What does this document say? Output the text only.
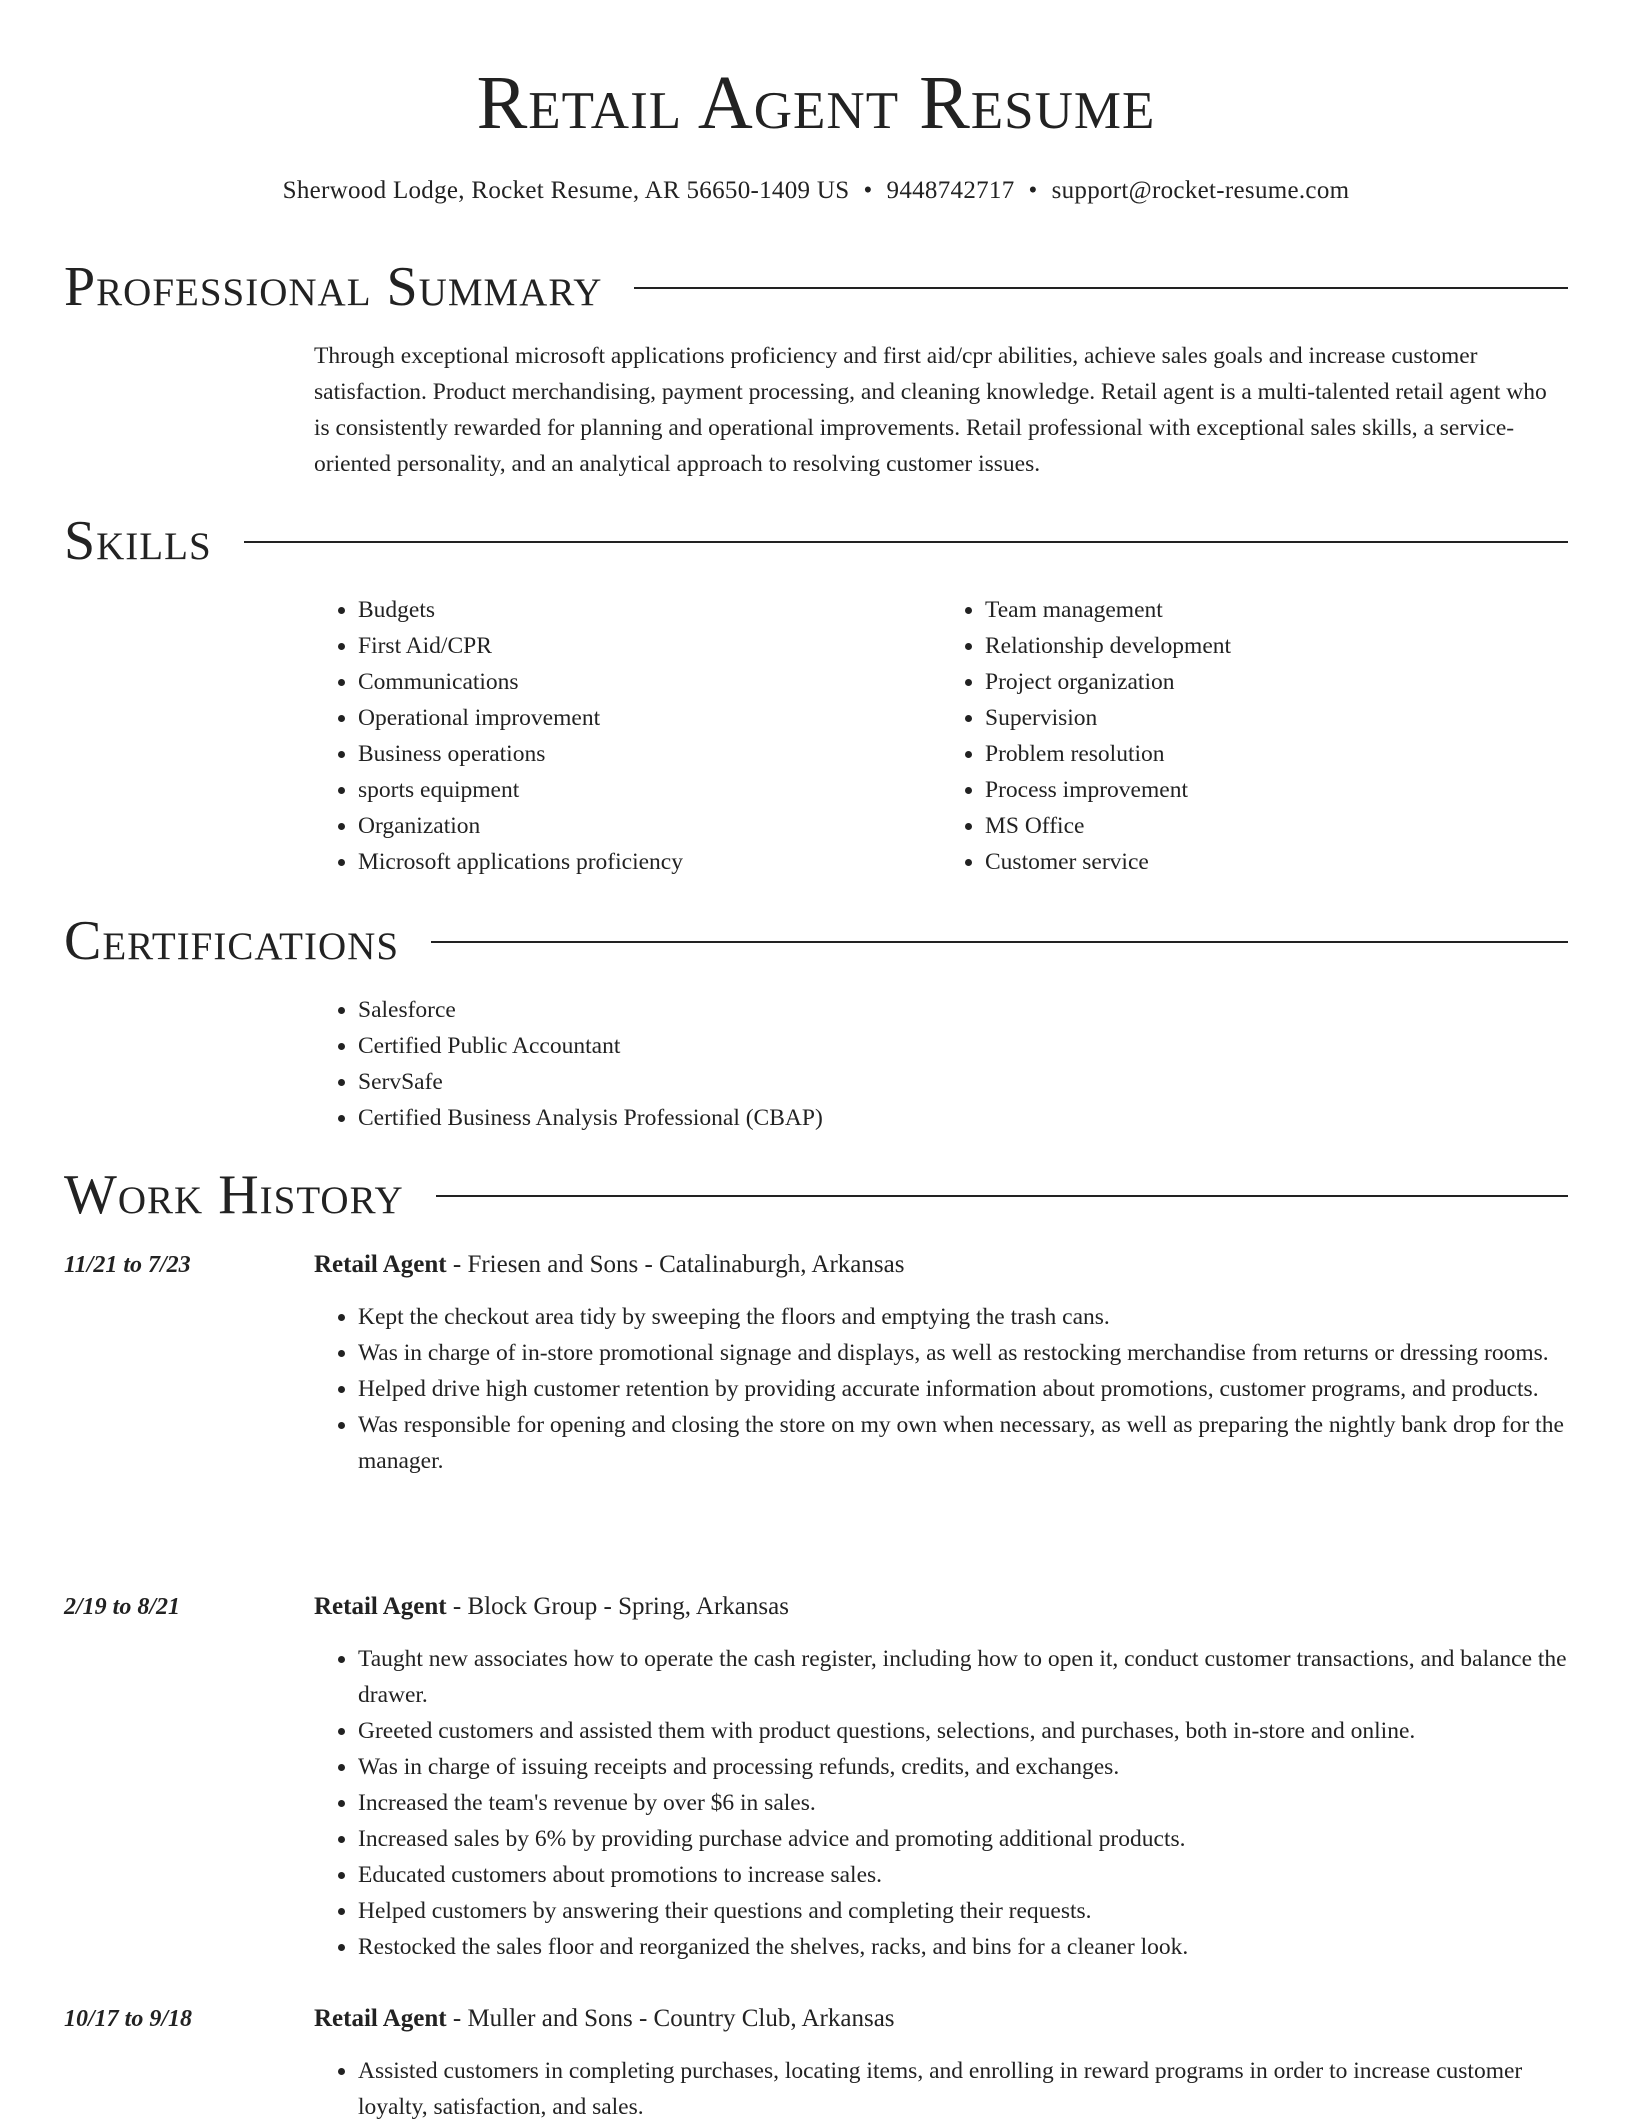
Retail Agent Resume
Sherwood Lodge, Rocket Resume, AR 56650-1409 US • 9448742717 • support@rocket-resume.com
Professional Summary

Through exceptional microsoft applications proficiency and first aid/cpr abilities, achieve sales goals and increase customer satisfaction. Product merchandising, payment processing, and cleaning knowledge. Retail agent is a multi-talented retail agent who is consistently rewarded for planning and operational improvements. Retail professional with exceptional sales skills, a service-oriented personality, and an analytical approach to resolving customer issues.

Skills
• Budgets
• First Aid/CPR
• Communications
• Operational improvement
• Business operations
• sports equipment
• Organization
• Microsoft applications proficiency
• Team management
• Relationship development
• Project organization
• Supervision
• Problem resolution
• Process improvement
• MS Office
• Customer service
Certifications
• Salesforce
• Certified Public Accountant
• ServSafe
• Certified Business Analysis Professional (CBAP)
Work History
11/21 to 7/23	Retail Agent - Friesen and Sons - Catalinaburgh, Arkansas
• Kept the checkout area tidy by sweeping the floors and emptying the trash cans.
• Was in charge of in-store promotional signage and displays, as well as restocking merchandise from returns or dressing rooms.
• Helped drive high customer retention by providing accurate information about promotions, customer programs, and products.
• Was responsible for opening and closing the store on my own when necessary, as well as preparing the nightly bank drop for the manager.
2/19 to 8/21	Retail Agent - Block Group - Spring, Arkansas
• Taught new associates how to operate the cash register, including how to open it, conduct customer transactions, and balance the drawer.
• Greeted customers and assisted them with product questions, selections, and purchases, both in-store and online.
• Was in charge of issuing receipts and processing refunds, credits, and exchanges.
• Increased the team's revenue by over $6 in sales.
• Increased sales by 6% by providing purchase advice and promoting additional products.
• Educated customers about promotions to increase sales.
• Helped customers by answering their questions and completing their requests.
• Restocked the sales floor and reorganized the shelves, racks, and bins for a cleaner look.
10/17 to 9/18	Retail Agent - Muller and Sons - Country Club, Arkansas
• Assisted customers in completing purchases, locating items, and enrolling in reward programs in order to increase customer loyalty, satisfaction, and sales.
